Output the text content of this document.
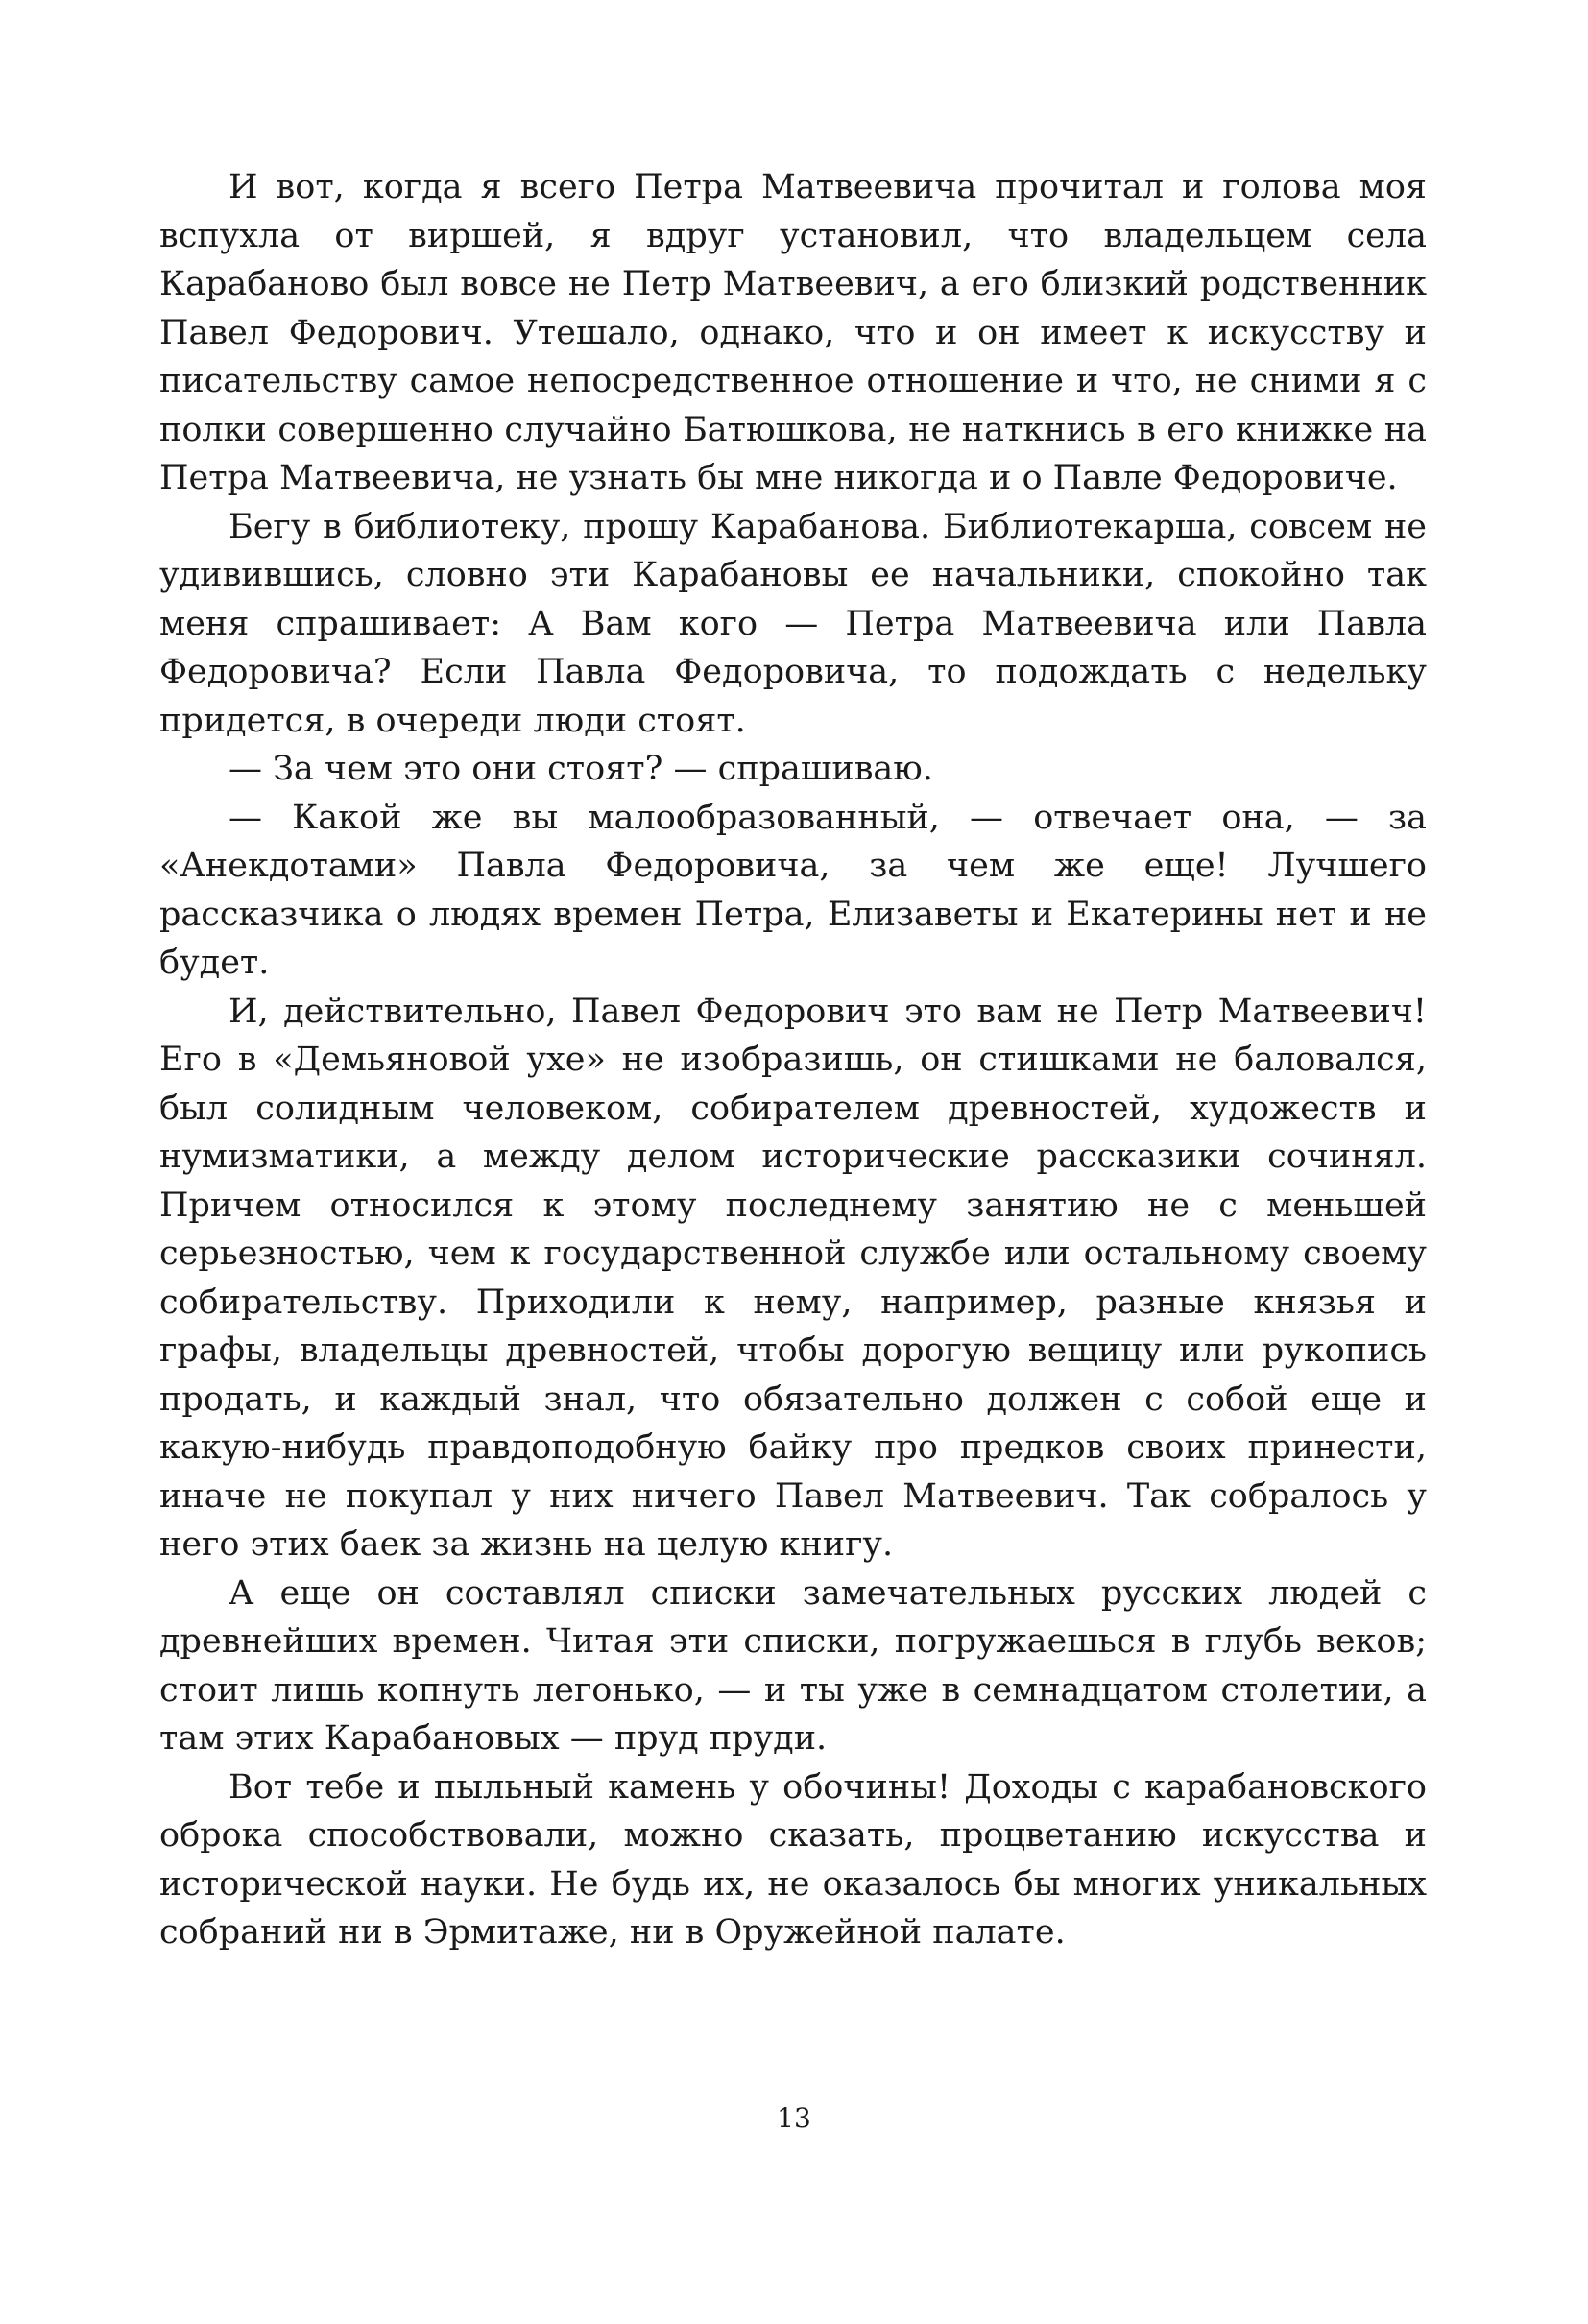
И вот, когда я всего Петра Матвеевича прочитал и голова моя вспухла от виршей, я вдруг установил, что владельцем села Карабаново был вовсе не Петр Матвеевич, а его близкий родственник Павел Федорович. Утешало, однако, что и он имеет к искусству и писательству самое непосредственное отношение и что, не сними я с полки совершенно случайно Батюшкова, не наткнись в его книжке на Петра Матвеевича, не узнать бы мне никогда и о Павле Федоровиче.

Бегу в библиотеку, прошу Карабанова. Библиотекарша, совсем не удивившись, словно эти Карабановы ее начальники, спокойно так меня спрашивает: А Вам кого — Петра Матвеевича или Павла Федоровича? Если Павла Федоровича, то подождать с недельку придется, в очереди люди стоят.

— За чем это они стоят? — спрашиваю.

— Какой же вы малообразованный, — отвечает она, — за «Анекдотами» Павла Федоровича, за чем же еще! Лучшего рассказчика о людях времен Петра, Елизаветы и Екатерины нет и не будет.

И, действительно, Павел Федорович это вам не Петр Матвеевич! Его в «Демьяновой ухе» не изобразишь, он стишками не баловался, был солидным человеком, собирателем древностей, художеств и нумизматики, а между делом исторические рассказики сочинял. Причем относился к этому последнему занятию не с меньшей серьезностью, чем к государственной службе или остальному своему собирательству. Приходили к нему, например, разные князья и графы, владельцы древностей, чтобы дорогую вещицу или рукопись продать, и каждый знал, что обязательно должен с собой еще и какую-нибудь правдоподобную байку про предков своих принести, иначе не покупал у них ничего Павел Матвеевич. Так собралось у него этих баек за жизнь на целую книгу.

А еще он составлял списки замечательных русских людей с древнейших времен. Читая эти списки, погружаешься в глубь веков; стоит лишь копнуть легонько, — и ты уже в семнадцатом столетии, а там этих Карабановых — пруд пруди.

Вот тебе и пыльный камень у обочины! Доходы с карабановского оброка способствовали, можно сказать, процветанию искусства и исторической науки. Не будь их, не оказалось бы многих уникальных собраний ни в Эрмитаже, ни в Оружейной палате.

13
